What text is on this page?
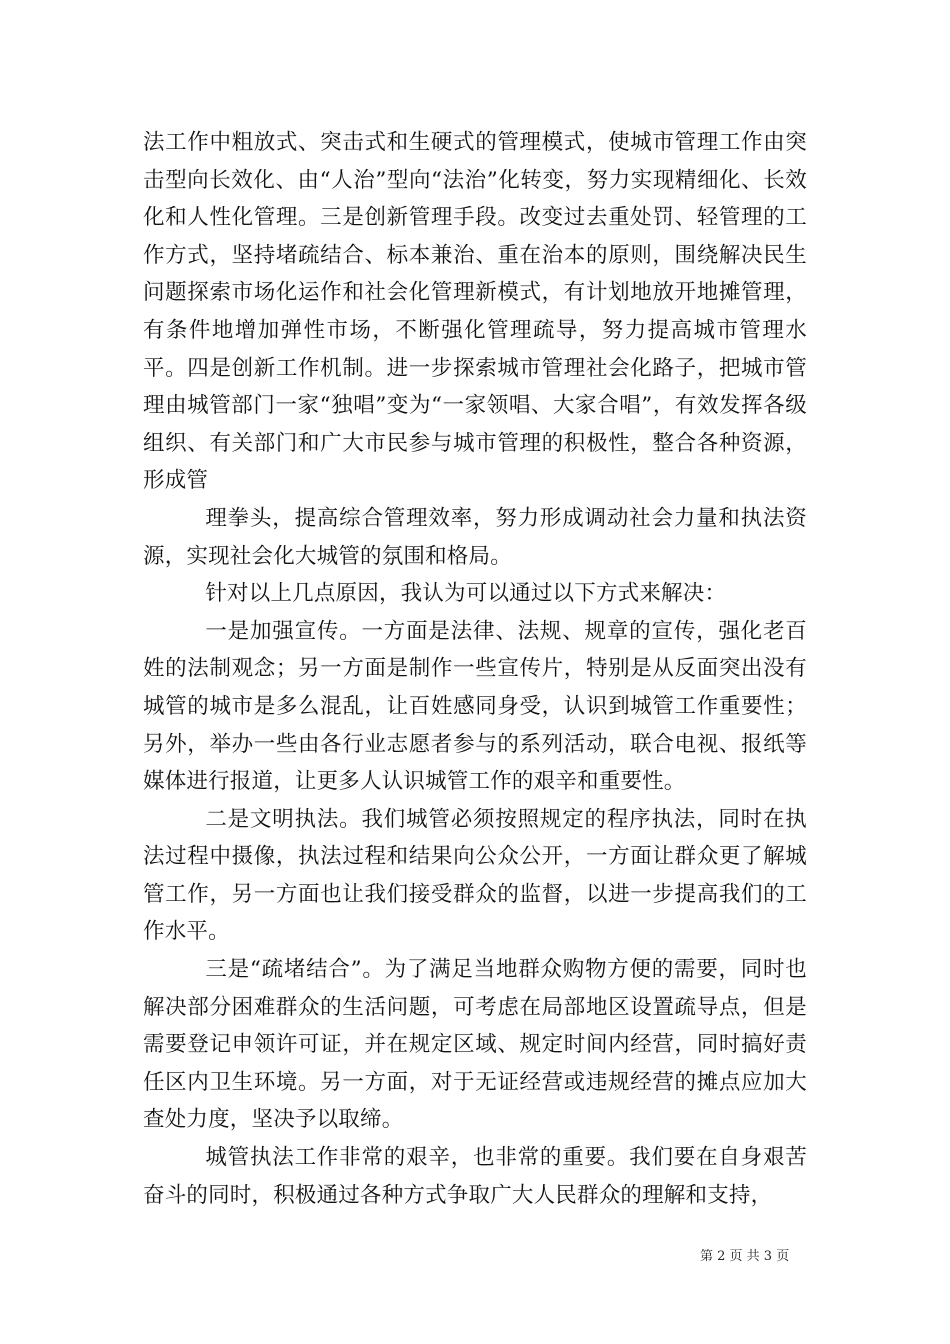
法工作中粗放式、突击式和生硬式的管理模式，使城市管理工作由突击型向长效化、由“人治”型向“法治”化转变，努力实现精细化、长效化和人性化管理。三是创新管理手段。改变过去重处罚、轻管理的工作方式，坚持堵疏结合、标本兼治、重在治本的原则，围绕解决民生问题探索市场化运作和社会化管理新模式，有计划地放开地摊管理，有条件地增加弹性市场，不断强化管理疏导，努力提高城市管理水平。四是创新工作机制。进一步探索城市管理社会化路子，把城市管理由城管部门一家“独唱”变为“一家领唱、大家合唱”，有效发挥各级组织、有关部门和广大市民参与城市管理的积极性，整合各种资源，形成管

理拳头，提高综合管理效率，努力形成调动社会力量和执法资源，实现社会化大城管的氛围和格局。

针对以上几点原因，我认为可以通过以下方式来解决：

一是加强宣传。一方面是法律、法规、规章的宣传，强化老百姓的法制观念；另一方面是制作一些宣传片，特别是从反面突出没有城管的城市是多么混乱，让百姓感同身受，认识到城管工作重要性；另外，举办一些由各行业志愿者参与的系列活动，联合电视、报纸等媒体进行报道，让更多人认识城管工作的艰辛和重要性。

二是文明执法。我们城管必须按照规定的程序执法，同时在执法过程中摄像，执法过程和结果向公众公开，一方面让群众更了解城管工作，另一方面也让我们接受群众的监督，以进一步提高我们的工作水平。

三是“疏堵结合”。为了满足当地群众购物方便的需要，同时也解决部分困难群众的生活问题，可考虑在局部地区设置疏导点，但是需要登记申领许可证，并在规定区域、规定时间内经营，同时搞好责任区内卫生环境。另一方面，对于无证经营或违规经营的摊点应加大查处力度，坚决予以取缔。

城管执法工作非常的艰辛，也非常的重要。我们要在自身艰苦奋斗的同时，积极通过各种方式争取广大人民群众的理解和支持，

第 2 页 共 3 页
